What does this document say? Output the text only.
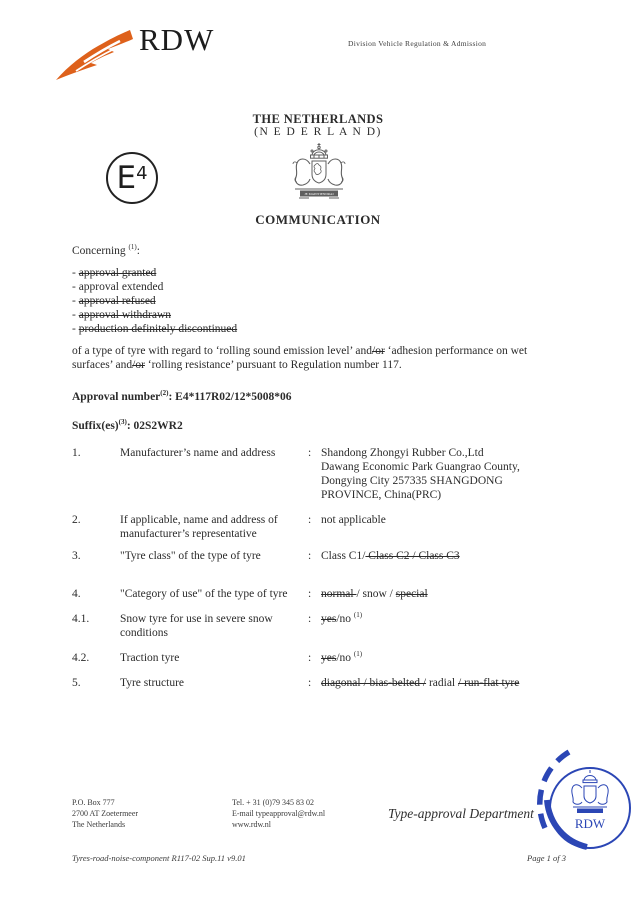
RDW	Division Vehicle Regulation & Admission
THE NETHERLANDS
(N E D E R L A N D)
E 4
JE MAINTIENDRAI
COMMUNICATION
Concerning $^{(1)}$:
- approval granted
- approval extended
- approval refused
- approval withdrawn
- production definitely discontinued
of a type of tyre with regard to ‘rolling sound emission level’ and/or ‘adhesion performance on wet surfaces’ and/or ‘rolling resistance’ pursuant to Regulation number 117.
Approval number$^{(2)}$: E4*117R02/12*5008*06
Suffix(es)$^{(3)}$: 02S2WR2
1.	Manufacturer’s name and address	: Shandong Zhongyi Rubber Co.,Ltd
Dawang Economic Park Guangrao County,
Dongying City 257335 SHANGDONG
PROVINCE, China(PRC)
2.	If applicable, name and address of manufacturer’s representative
: not applicable
3.	"Tyre class" of the type of tyre	: Class C1/ Class C2 / Class C3
4.	"Category of use" of the type of tyre	: normal / snow / special
4.1.	Snow tyre for use in severe snow conditions
: yes/no $^{(1)}$
4.2.	Traction tyre	: yes/no $^{(1)}$
5.	Tyre structure	: diagonal / bias-belted / radial / run-flat tyre
P.O. Box 777
2700 AT Zoetermeer
The Netherlands
Tel. + 31 (0)79 345 83 02
E-mail typeapproval@rdw.nl
www.rdw.nl
Type-approval Department
RDW
Tyres-road-noise-component R117-02 Sup.11 v9.01	Page 1 of 3
